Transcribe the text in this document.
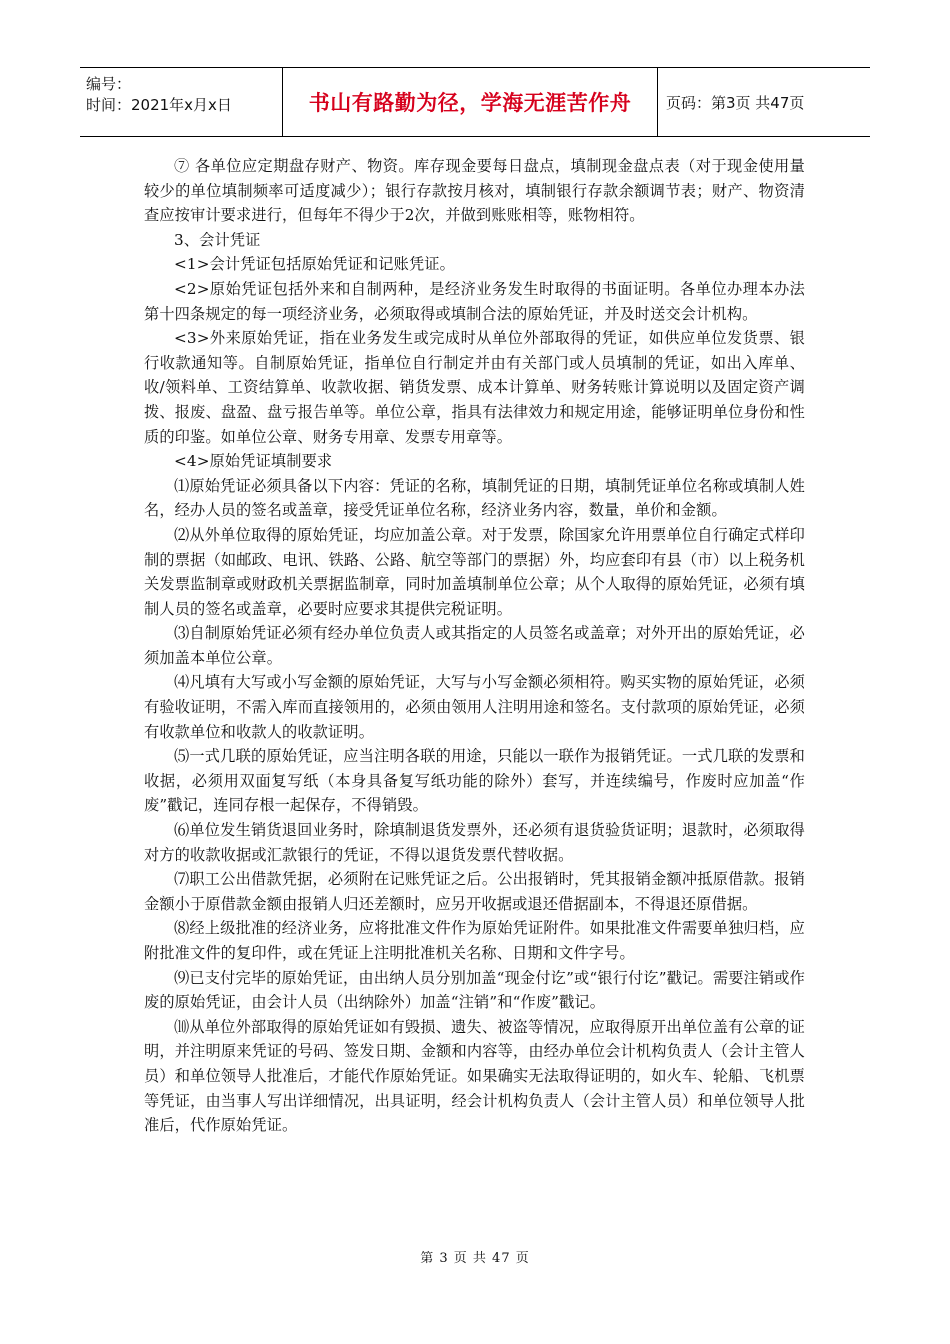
编号：
时间：2021年x月x日	书山有路勤为径，学海无涯苦作舟	页码：第3页 共47页

⑦ 各单位应定期盘存财产、物资。库存现金要每日盘点，填制现金盘点表（对于现金使用量较少的单位填制频率可适度减少）；银行存款按月核对，填制银行存款余额调节表；财产、物资清查应按审计要求进行，但每年不得少于2次，并做到账账相等，账物相符。

3、会计凭证

<1>会计凭证包括原始凭证和记账凭证。

<2>原始凭证包括外来和自制两种，是经济业务发生时取得的书面证明。各单位办理本办法第十四条规定的每一项经济业务，必须取得或填制合法的原始凭证，并及时送交会计机构。

<3>外来原始凭证，指在业务发生或完成时从单位外部取得的凭证，如供应单位发货票、银行收款通知等。自制原始凭证，指单位自行制定并由有关部门或人员填制的凭证，如出入库单、收/领料单、工资结算单、收款收据、销货发票、成本计算单、财务转账计算说明以及固定资产调拨、报废、盘盈、盘亏报告单等。单位公章，指具有法律效力和规定用途，能够证明单位身份和性质的印鉴。如单位公章、财务专用章、发票专用章等。

<4>原始凭证填制要求

⑴原始凭证必须具备以下内容：凭证的名称，填制凭证的日期，填制凭证单位名称或填制人姓名，经办人员的签名或盖章，接受凭证单位名称，经济业务内容，数量，单价和金额。

⑵从外单位取得的原始凭证，均应加盖公章。对于发票，除国家允许用票单位自行确定式样印制的票据（如邮政、电讯、铁路、公路、航空等部门的票据）外，均应套印有县（市）以上税务机关发票监制章或财政机关票据监制章，同时加盖填制单位公章；从个人取得的原始凭证，必须有填制人员的签名或盖章，必要时应要求其提供完税证明。

⑶自制原始凭证必须有经办单位负责人或其指定的人员签名或盖章；对外开出的原始凭证，必须加盖本单位公章。

⑷凡填有大写或小写金额的原始凭证，大写与小写金额必须相符。购买实物的原始凭证，必须有验收证明，不需入库而直接领用的，必须由领用人注明用途和签名。支付款项的原始凭证，必须有收款单位和收款人的收款证明。

⑸一式几联的原始凭证，应当注明各联的用途，只能以一联作为报销凭证。一式几联的发票和收据，必须用双面复写纸（本身具备复写纸功能的除外）套写，并连续编号，作废时应加盖“作废”戳记，连同存根一起保存，不得销毁。

⑹单位发生销货退回业务时，除填制退货发票外，还必须有退货验货证明；退款时，必须取得对方的收款收据或汇款银行的凭证，不得以退货发票代替收据。

⑺职工公出借款凭据，必须附在记账凭证之后。公出报销时，凭其报销金额冲抵原借款。报销金额小于原借款金额由报销人归还差额时，应另开收据或退还借据副本，不得退还原借据。

⑻经上级批准的经济业务，应将批准文件作为原始凭证附件。如果批准文件需要单独归档，应附批准文件的复印件，或在凭证上注明批准机关名称、日期和文件字号。

⑼已支付完毕的原始凭证，由出纳人员分别加盖“现金付讫”或“银行付讫”戳记。需要注销或作废的原始凭证，由会计人员（出纳除外）加盖“注销”和“作废”戳记。

⑽从单位外部取得的原始凭证如有毁损、遗失、被盗等情况，应取得原开出单位盖有公章的证明，并注明原来凭证的号码、签发日期、金额和内容等，由经办单位会计机构负责人（会计主管人员）和单位领导人批准后，才能代作原始凭证。如果确实无法取得证明的，如火车、轮船、飞机票等凭证，由当事人写出详细情况，出具证明，经会计机构负责人（会计主管人员）和单位领导人批准后，代作原始凭证。

第 3 页 共 47 页
